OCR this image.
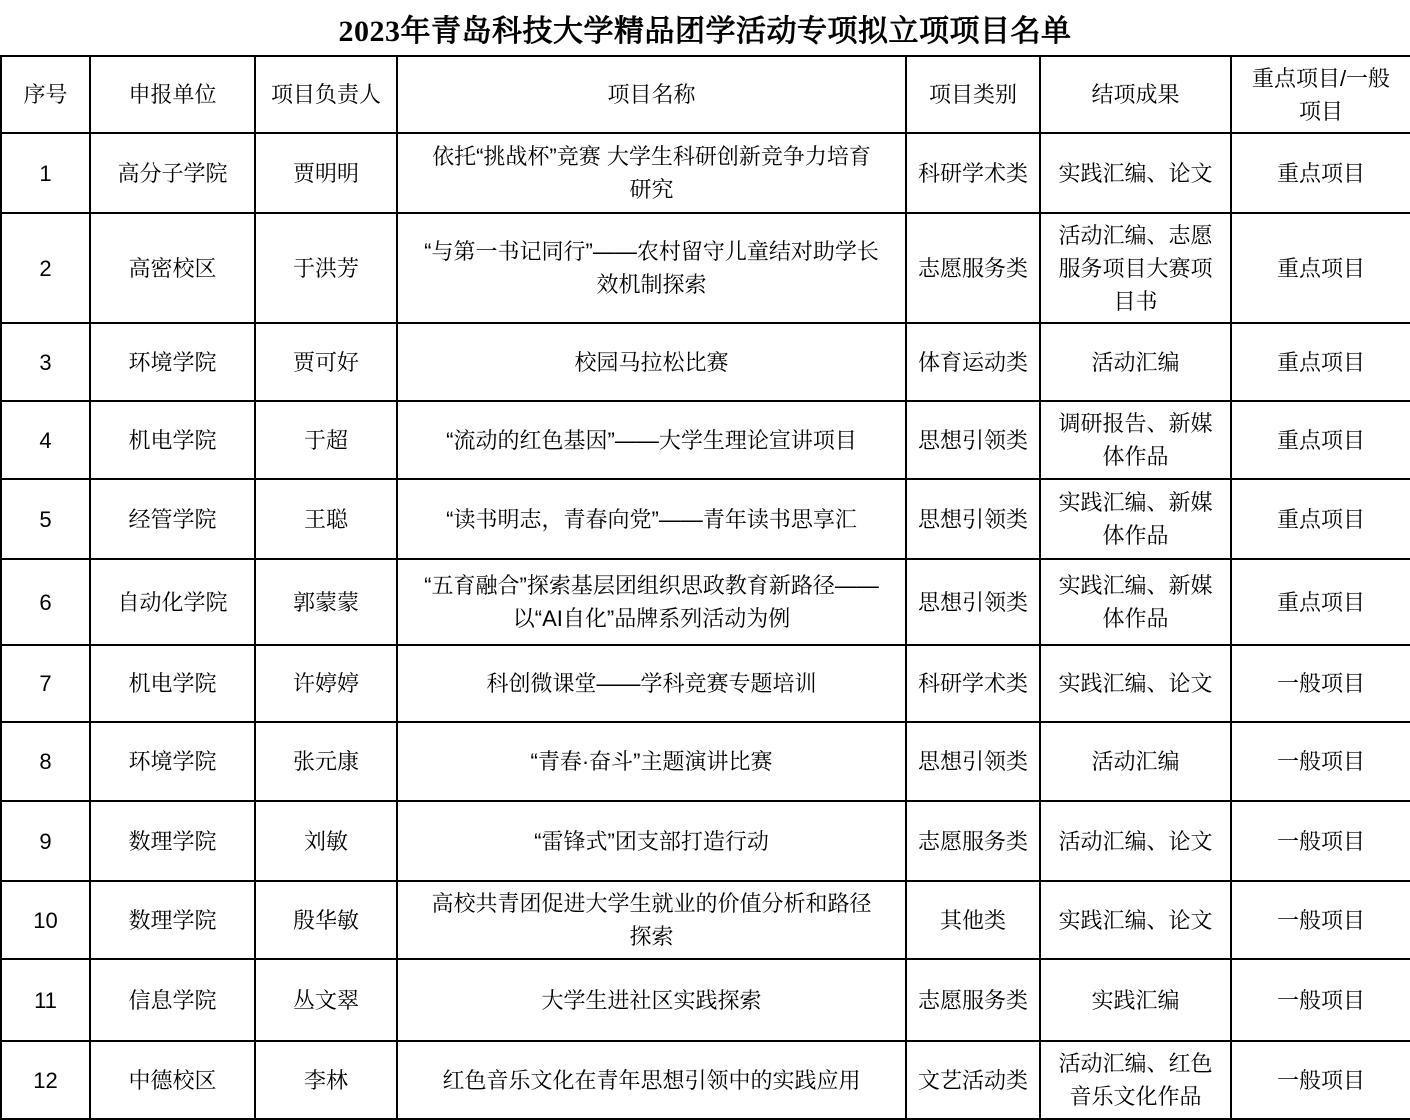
2023年青岛科技大学精品团学活动专项拟立项项目名单
序号	申报单位	项目负责人	项目名称	项目类别	结项成果	重点项目/一般项目
1	高分子学院	贾明明	依托“挑战杯”竞赛 大学生科研创新竞争力培育研究	科研学术类	实践汇编、论文	重点项目
2	高密校区	于洪芳	“与第一书记同行”——农村留守儿童结对助学长效机制探索	志愿服务类	活动汇编、志愿服务项目大赛项目书	重点项目
3	环境学院	贾可好	校园马拉松比赛	体育运动类	活动汇编	重点项目
4	机电学院	于超	“流动的红色基因”——大学生理论宣讲项目	思想引领类	调研报告、新媒体作品	重点项目
5	经管学院	王聪	“读书明志，青春向党”——青年读书思享汇	思想引领类	实践汇编、新媒体作品	重点项目
6	自动化学院	郭蒙蒙	“五育融合”探索基层团组织思政教育新路径——以“AI自化”品牌系列活动为例	思想引领类	实践汇编、新媒体作品	重点项目
7	机电学院	许婷婷	科创微课堂——学科竞赛专题培训	科研学术类	实践汇编、论文	一般项目
8	环境学院	张元康	“青春·奋斗”主题演讲比赛	思想引领类	活动汇编	一般项目
9	数理学院	刘敏	“雷锋式”团支部打造行动	志愿服务类	活动汇编、论文	一般项目
10	数理学院	殷华敏	高校共青团促进大学生就业的价值分析和路径探索	其他类	实践汇编、论文	一般项目
11	信息学院	丛文翠	大学生进社区实践探索	志愿服务类	实践汇编	一般项目
12	中德校区	李林	红色音乐文化在青年思想引领中的实践应用	文艺活动类	活动汇编、红色音乐文化作品	一般项目
